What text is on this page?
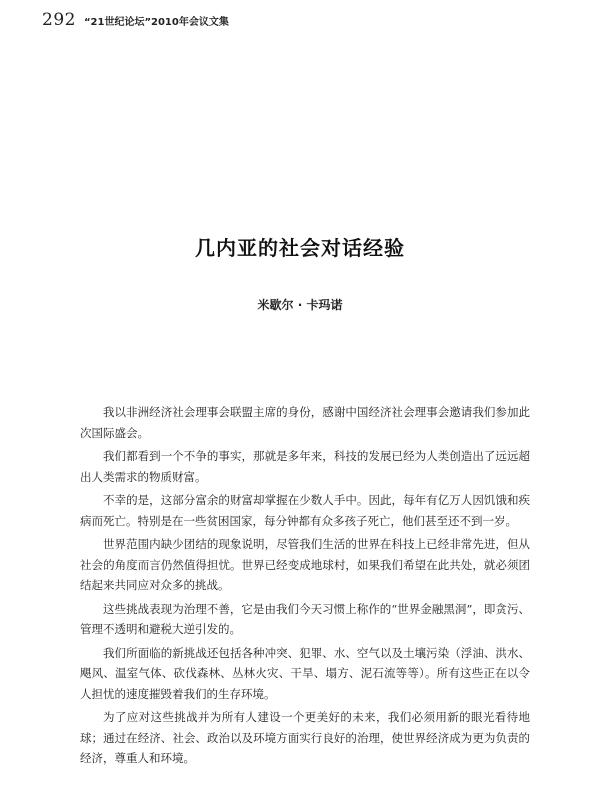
292 “21世纪论坛”2010年会议文集
几内亚的社会对话经验
米歇尔 · 卡玛诺

我以非洲经济社会理事会联盟主席的身份，感谢中国经济社会理事会邀请我们参加此次国际盛会。

我们都看到一个不争的事实，那就是多年来，科技的发展已经为人类创造出了远远超出人类需求的物质财富。

不幸的是，这部分富余的财富却掌握在少数人手中。因此，每年有亿万人因饥饿和疾病而死亡。特别是在一些贫困国家，每分钟都有众多孩子死亡，他们甚至还不到一岁。

世界范围内缺少团结的现象说明，尽管我们生活的世界在科技上已经非常先进，但从社会的角度而言仍然值得担忧。世界已经变成地球村，如果我们希望在此共处，就必须团结起来共同应对众多的挑战。

这些挑战表现为治理不善，它是由我们今天习惯上称作的“世界金融黑洞”，即贪污、管理不透明和避税大逆引发的。

我们所面临的新挑战还包括各种冲突、犯罪、水、空气以及土壤污染（浮油、洪水、飓风、温室气体、砍伐森林、丛林火灾、干旱、塌方、泥石流等等）。所有这些正在以令人担忧的速度摧毁着我们的生存环境。

为了应对这些挑战并为所有人建设一个更美好的未来，我们必须用新的眼光看待地球；通过在经济、社会、政治以及环境方面实行良好的治理，使世界经济成为更为负责的经济，尊重人和环境。
